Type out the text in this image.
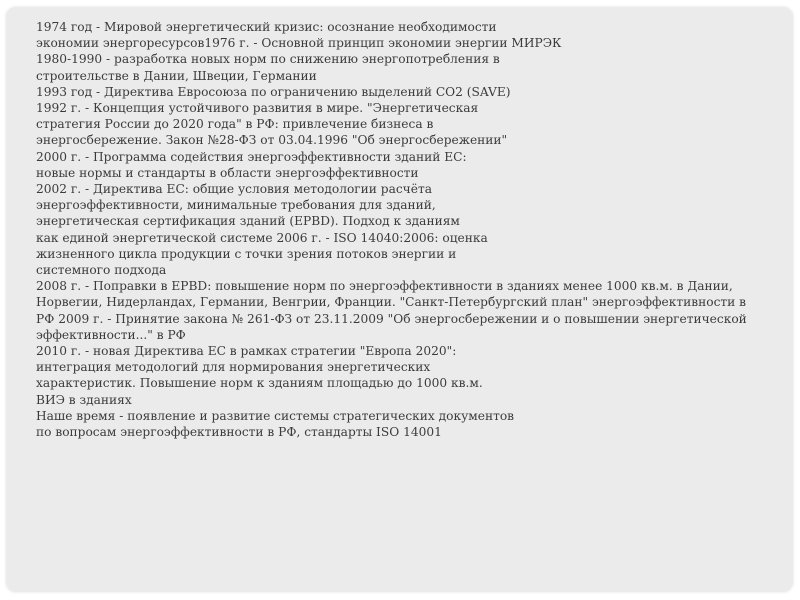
1974 год - Мировой энергетический кризис: осознание необходимости
экономии энергоресурсов1976 г. - Основной принцип экономии энергии МИРЭК
1980-1990 - разработка новых норм по снижению энергопотребления в
строительстве в Дании, Швеции, Германии
1993 год - Директива Евросоюза по ограничению выделений СО2 (SAVE)
1992 г. - Концепция устойчивого развития в мире. "Энергетическая
стратегия России до 2020 года" в РФ: привлечение бизнеса в
энергосбережение. Закон №28-ФЗ от 03.04.1996 "Об энергосбережении"
2000 г. - Программа содействия энергоэффективности зданий ЕС:
новые нормы и стандарты в области энергоэффективности
2002 г. - Директива ЕС: общие условия методологии расчёта
энергоэффективности, минимальные требования для зданий,
энергетическая сертификация зданий (EPBD). Подход к зданиям
как единой энергетической системе 2006 г. - ISO 14040:2006: оценка
жизненного цикла продукции с точки зрения потоков энергии и
системного подхода
2008 г. - Поправки в EPBD: повышение норм по энергоэффективности в зданиях менее 1000 кв.м. в Дании,
Норвегии, Нидерландах, Германии, Венгрии, Франции. "Санкт-Петербургский план" энергоэффективности в
РФ 2009 г. - Принятие закона № 261-ФЗ от 23.11.2009 "Об энергосбережении и о повышении энергетической
эффективности..." в РФ
2010 г. - новая Директива ЕС в рамках стратегии "Европа 2020":
интеграция методологий для нормирования энергетических
характеристик. Повышение норм к зданиям площадью до 1000 кв.м.
ВИЭ в зданиях
Наше время - появление и развитие системы стратегических документов
по вопросам энергоэффективности в РФ, стандарты ISO 14001
